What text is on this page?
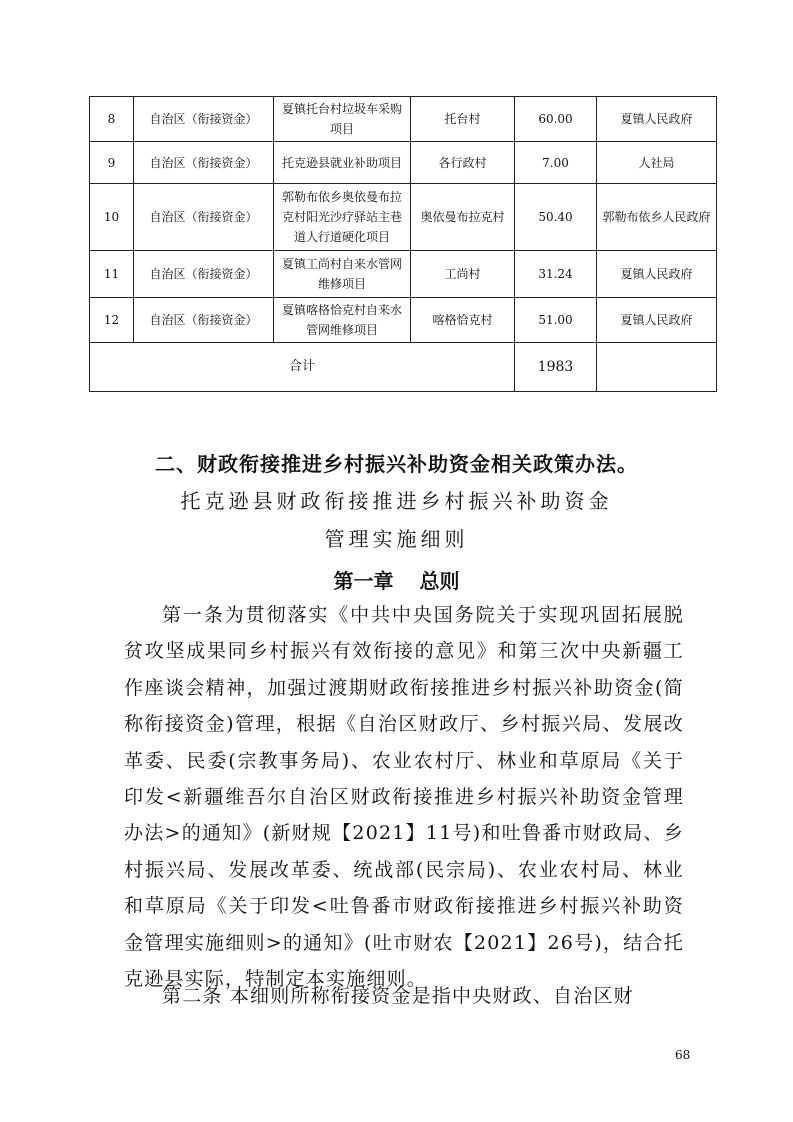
8	自治区（衔接资金）	夏镇托台村垃圾车采购项目	托台村	60.00	夏镇人民政府
9	自治区（衔接资金）	托克逊县就业补助项目	各行政村	7.00	人社局
10	自治区（衔接资金）	郭勒布依乡奥依曼布拉克村阳光沙疗驿站主巷道人行道硬化项目	奥依曼布拉克村	50.40	郭勒布依乡人民政府
11	自治区（衔接资金）	夏镇工尚村自来水管网维修项目	工尚村	31.24	夏镇人民政府
12	自治区（衔接资金）	夏镇喀格恰克村自来水管网维修项目	喀格恰克村	51.00	夏镇人民政府
合计				1983	
二、财政衔接推进乡村振兴补助资金相关政策办法。
托克逊县财政衔接推进乡村振兴补助资金
管理实施细则
第一章 总则
第一条为贯彻落实《中共中央国务院关于实现巩固拓展脱贫攻坚成果同乡村振兴有效衔接的意见》和第三次中央新疆工作座谈会精神，加强过渡期财政衔接推进乡村振兴补助资金(简称衔接资金)管理，根据《自治区财政厅、乡村振兴局、发展改革委、民委(宗教事务局)、农业农村厅、林业和草原局《关于印发<新疆维吾尔自治区财政衔接推进乡村振兴补助资金管理办法>的通知》(新财规【2021】11号)和吐鲁番市财政局、乡村振兴局、发展改革委、统战部(民宗局)、农业农村局、林业和草原局《关于印发<吐鲁番市财政衔接推进乡村振兴补助资金管理实施细则>的通知》(吐市财农【2021】26号)，结合托克逊县实际，特制定本实施细则。
第二条 本细则所称衔接资金是指中央财政、自治区财
68
